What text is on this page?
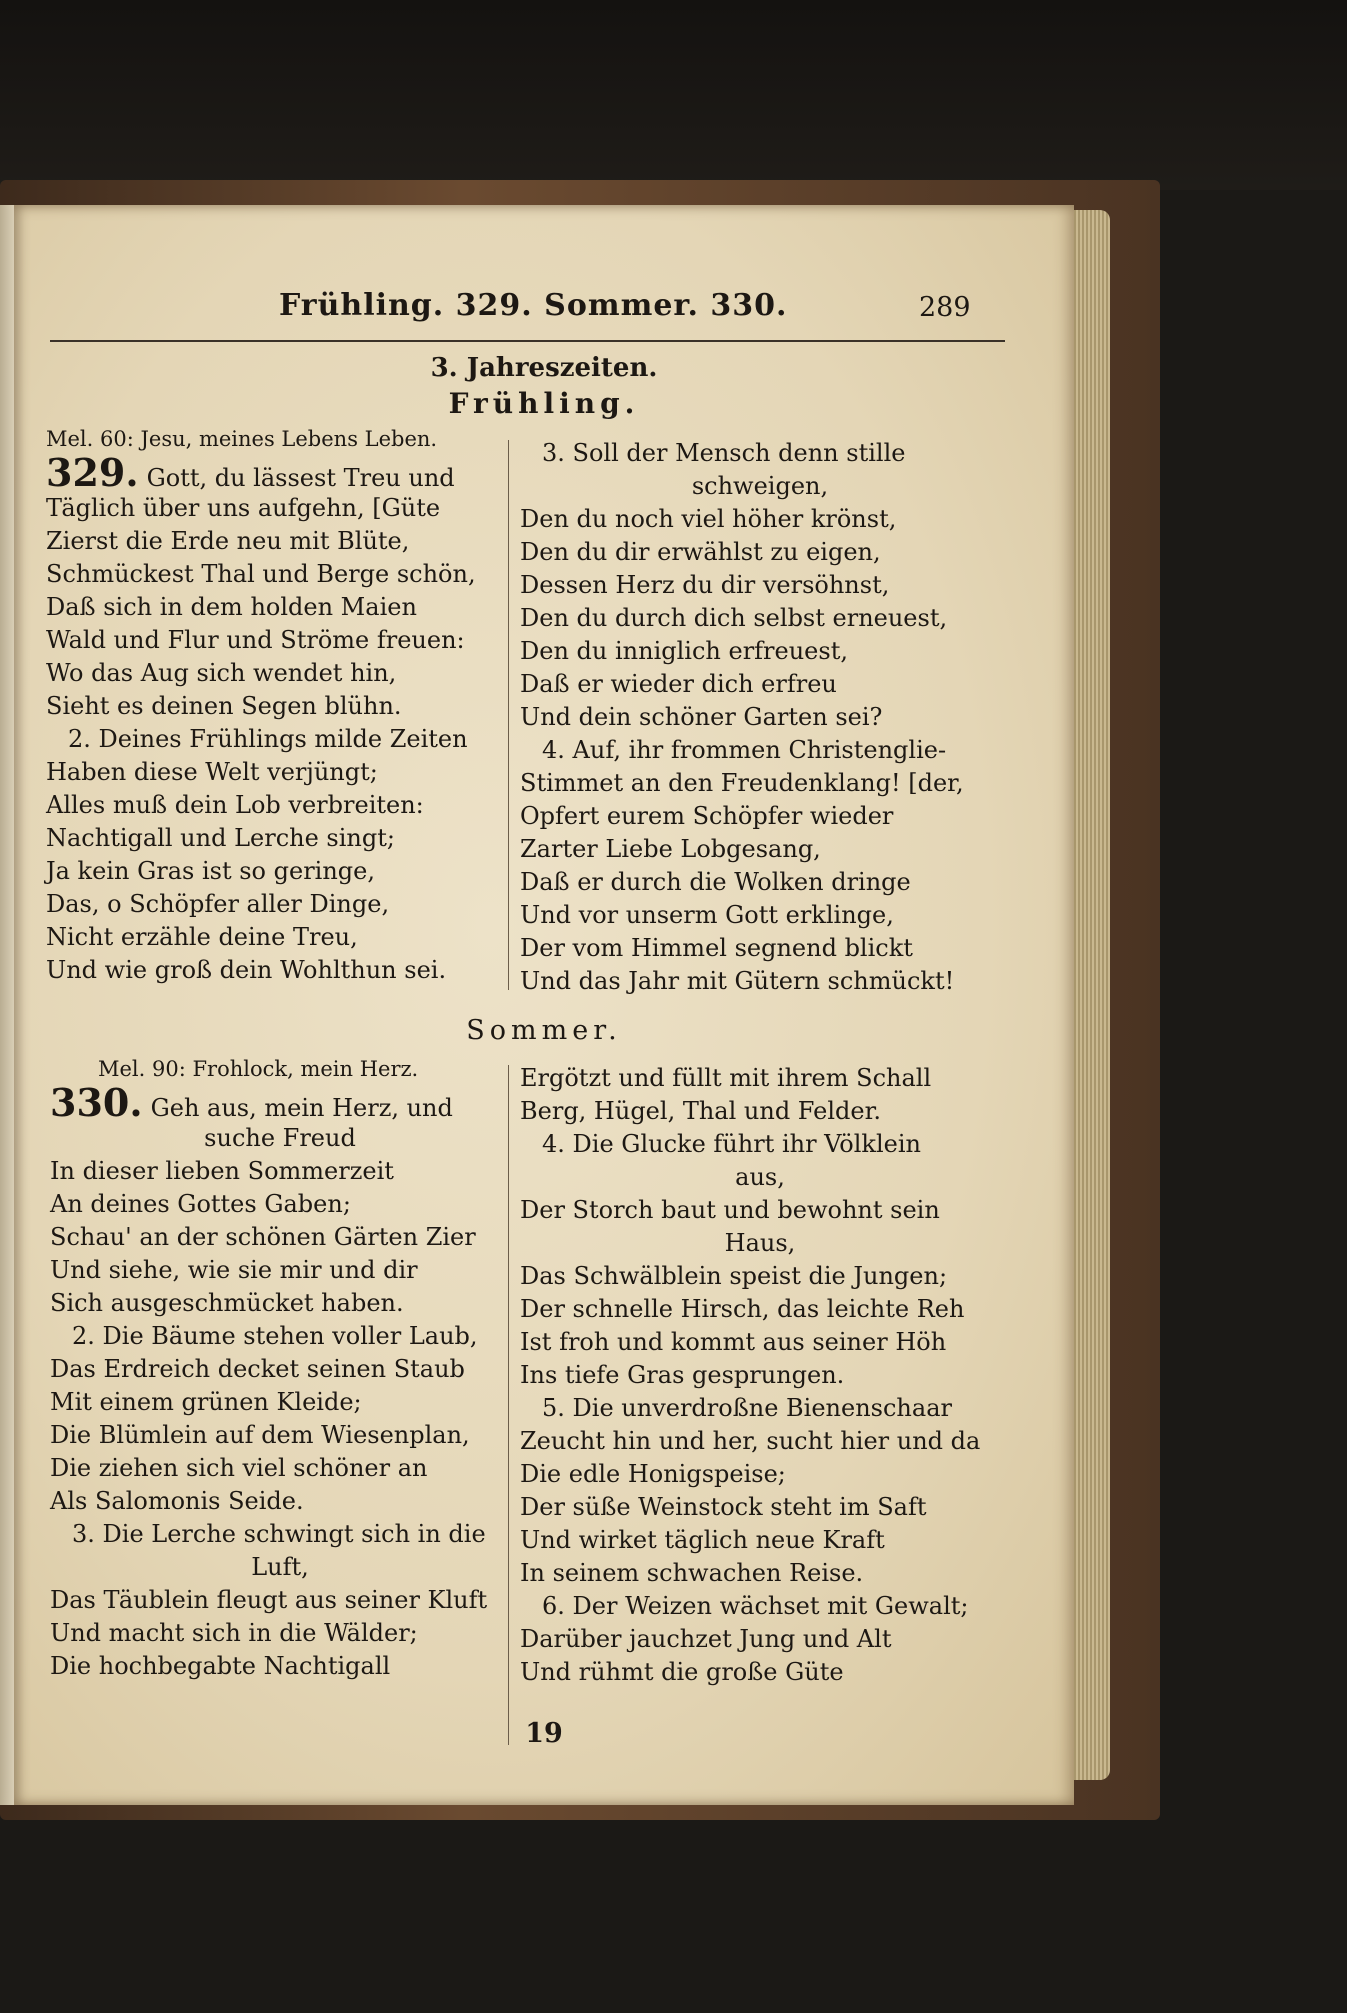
Frühling. 329. Sommer. 330.	289
3. Jahreszeiten.
Frühling.
Mel. 60: Jesu, meines Lebens Leben.
329. Gott, du lässest Treu und
Täglich über uns aufgehn, [Güte
Zierst die Erde neu mit Blüte,
Schmückest Thal und Berge schön,
Daß sich in dem holden Maien
Wald und Flur und Ströme freuen:
Wo das Aug sich wendet hin,
Sieht es deinen Segen blühn.
2. Deines Frühlings milde Zeiten
Haben diese Welt verjüngt;
Alles muß dein Lob verbreiten:
Nachtigall und Lerche singt;
Ja kein Gras ist so geringe,
Das, o Schöpfer aller Dinge,
Nicht erzähle deine Treu,
Und wie groß dein Wohlthun sei.
3. Soll der Mensch denn stille
schweigen,
Den du noch viel höher krönst,
Den du dir erwählst zu eigen,
Dessen Herz du dir versöhnst,
Den du durch dich selbst erneuest,
Den du inniglich erfreuest,
Daß er wieder dich erfreu
Und dein schöner Garten sei?
4. Auf, ihr frommen Christenglie-
Stimmet an den Freudenklang! [der,
Opfert eurem Schöpfer wieder
Zarter Liebe Lobgesang,
Daß er durch die Wolken dringe
Und vor unserm Gott erklinge,
Der vom Himmel segnend blickt
Und das Jahr mit Gütern schmückt!
Sommer.
Mel. 90: Frohlock, mein Herz.
330. Geh aus, mein Herz, und
suche Freud
In dieser lieben Sommerzeit
An deines Gottes Gaben;
Schau' an der schönen Gärten Zier
Und siehe, wie sie mir und dir
Sich ausgeschmücket haben.
2. Die Bäume stehen voller Laub,
Das Erdreich decket seinen Staub
Mit einem grünen Kleide;
Die Blümlein auf dem Wiesenplan,
Die ziehen sich viel schöner an
Als Salomonis Seide.
3. Die Lerche schwingt sich in die
Luft,
Das Täublein fleugt aus seiner Kluft
Und macht sich in die Wälder;
Die hochbegabte Nachtigall
Ergötzt und füllt mit ihrem Schall
Berg, Hügel, Thal und Felder.
4. Die Glucke führt ihr Völklein
aus,
Der Storch baut und bewohnt sein
Haus,
Das Schwälblein speist die Jungen;
Der schnelle Hirsch, das leichte Reh
Ist froh und kommt aus seiner Höh
Ins tiefe Gras gesprungen.
5. Die unverdroßne Bienenschaar
Zeucht hin und her, sucht hier und da
Die edle Honigspeise;
Der süße Weinstock steht im Saft
Und wirket täglich neue Kraft
In seinem schwachen Reise.
6. Der Weizen wächset mit Gewalt;
Darüber jauchzet Jung und Alt
Und rühmt die große Güte
19
